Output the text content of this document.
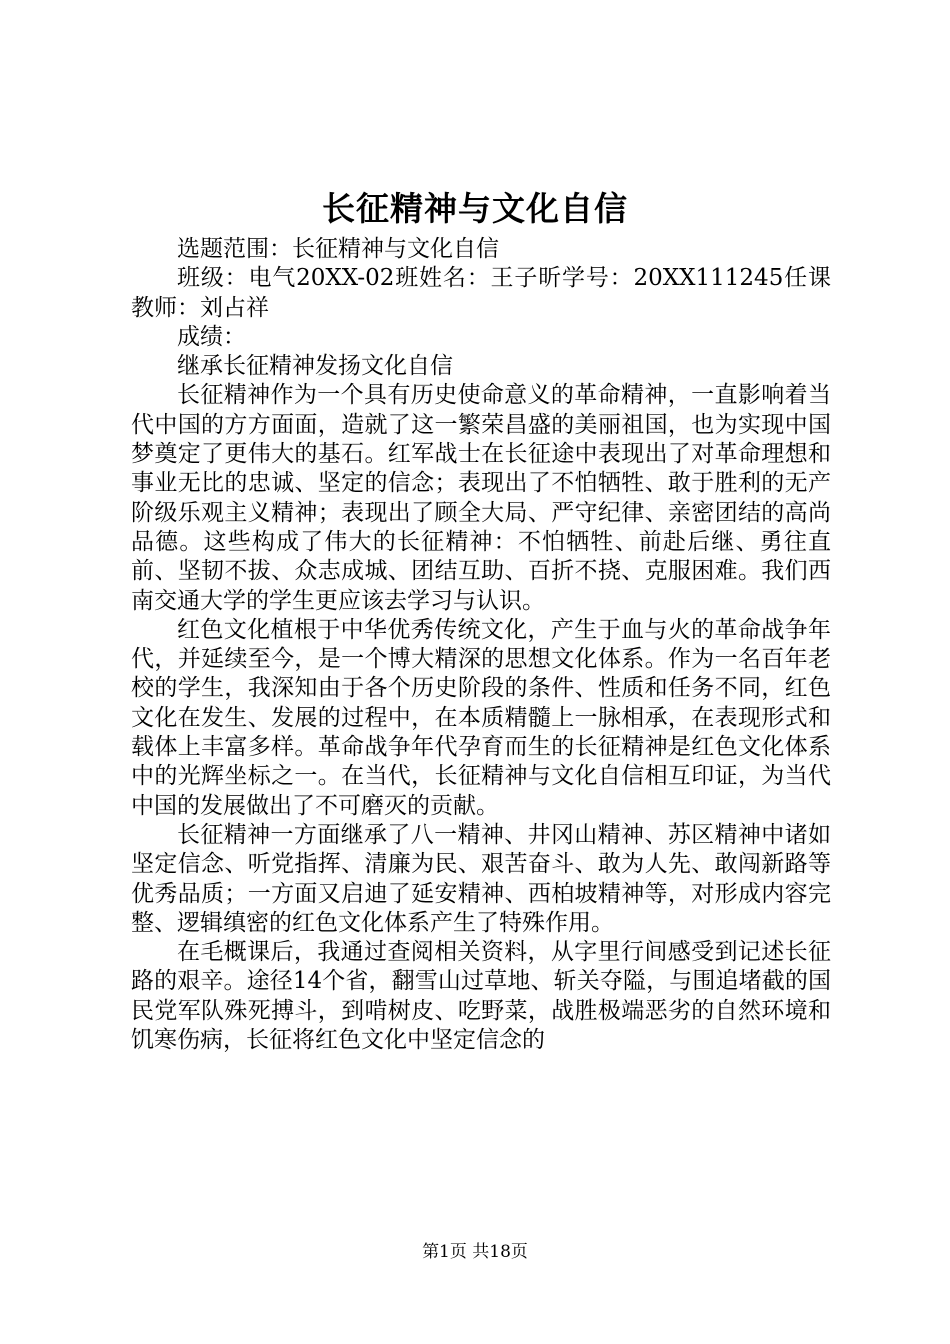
长征精神与文化自信

选题范围：长征精神与文化自信

班级：电气20XX-02班姓名：王子昕学号：20XX111245任课教师：刘占祥

成绩：

继承长征精神发扬文化自信

长征精神作为一个具有历史使命意义的革命精神，一直影响着当代中国的方方面面，造就了这一繁荣昌盛的美丽祖国，也为实现中国梦奠定了更伟大的基石。红军战士在长征途中表现出了对革命理想和事业无比的忠诚、坚定的信念；表现出了不怕牺牲、敢于胜利的无产阶级乐观主义精神；表现出了顾全大局、严守纪律、亲密团结的高尚品德。这些构成了伟大的长征精神：不怕牺牲、前赴后继、勇往直前、坚韧不拔、众志成城、团结互助、百折不挠、克服困难。我们西南交通大学的学生更应该去学习与认识。

红色文化植根于中华优秀传统文化，产生于血与火的革命战争年代，并延续至今，是一个博大精深的思想文化体系。作为一名百年老校的学生，我深知由于各个历史阶段的条件、性质和任务不同，红色文化在发生、发展的过程中，在本质精髓上一脉相承，在表现形式和载体上丰富多样。革命战争年代孕育而生的长征精神是红色文化体系中的光辉坐标之一。在当代，长征精神与文化自信相互印证，为当代中国的发展做出了不可磨灭的贡献。

长征精神一方面继承了八一精神、井冈山精神、苏区精神中诸如坚定信念、听党指挥、清廉为民、艰苦奋斗、敢为人先、敢闯新路等优秀品质；一方面又启迪了延安精神、西柏坡精神等，对形成内容完整、逻辑缜密的红色文化体系产生了特殊作用。

在毛概课后，我通过查阅相关资料，从字里行间感受到记述长征路的艰辛。途径14个省，翻雪山过草地、斩关夺隘，与围追堵截的国民党军队殊死搏斗，到啃树皮、吃野菜，战胜极端恶劣的自然环境和饥寒伤病，长征将红色文化中坚定信念的

第1页 共18页
